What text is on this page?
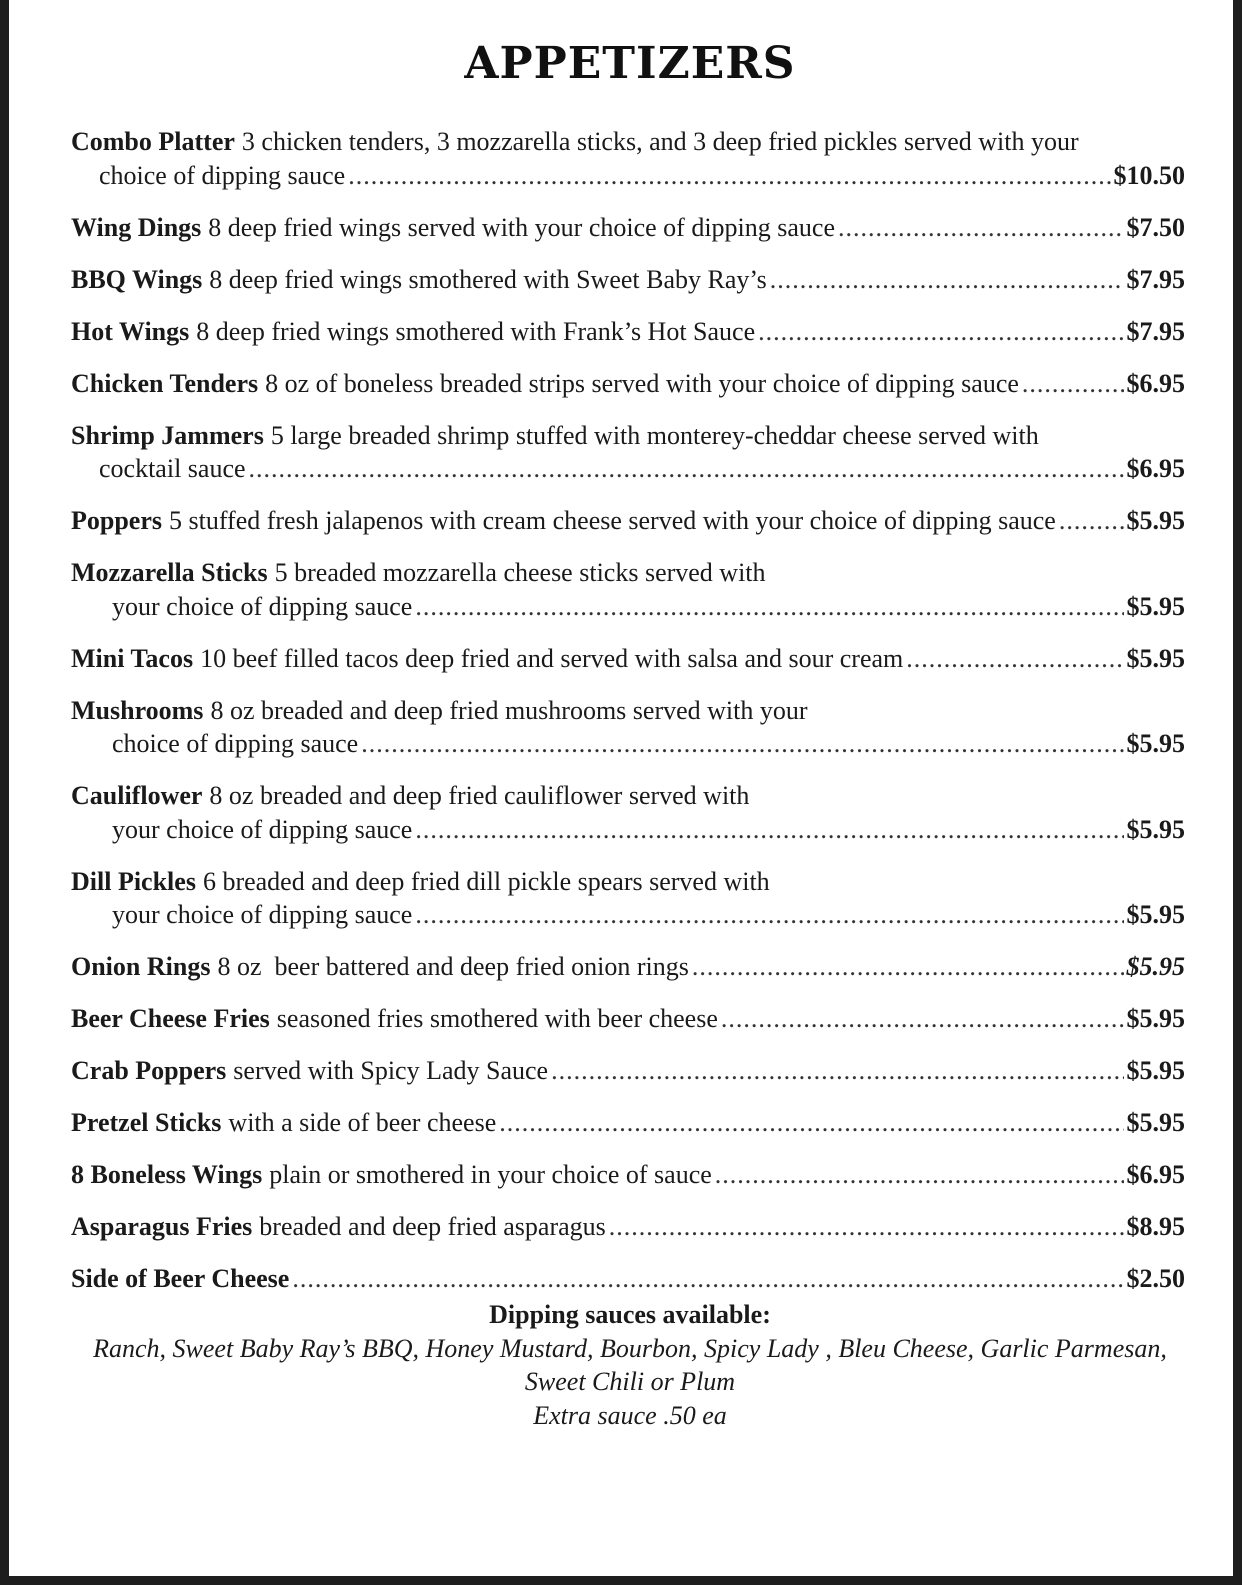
APPETIZERS
Combo Platter 3 chicken tenders, 3 mozzarella sticks, and 3 deep fried pickles served with your
choice of dipping sauce .....	$10.50
Wing Dings 8 deep fried wings served with your choice of dipping sauce .....	$7.50
BBQ Wings 8 deep fried wings smothered with Sweet Baby Ray’s .....	$7.95
Hot Wings 8 deep fried wings smothered with Frank’s Hot Sauce .....	$7.95
Chicken Tenders 8 oz of boneless breaded strips served with your choice of dipping sauce .....	$6.95
Shrimp Jammers 5 large breaded shrimp stuffed with monterey-cheddar cheese served with
cocktail sauce .....	$6.95
Poppers 5 stuffed fresh jalapenos with cream cheese served with your choice of dipping sauce .....	$5.95
Mozzarella Sticks 5 breaded mozzarella cheese sticks served with
your choice of dipping sauce .....	$5.95
Mini Tacos 10 beef filled tacos deep fried and served with salsa and sour cream .....	$5.95
Mushrooms 8 oz breaded and deep fried mushrooms served with your
choice of dipping sauce .....	$5.95
Cauliflower 8 oz breaded and deep fried cauliflower served with
your choice of dipping sauce .....	$5.95
Dill Pickles 6 breaded and deep fried dill pickle spears served with
your choice of dipping sauce .....	$5.95
Onion Rings 8 oz  beer battered and deep fried onion rings .....	$5.95
Beer Cheese Fries seasoned fries smothered with beer cheese .....	$5.95
Crab Poppers served with Spicy Lady Sauce .....	$5.95
Pretzel Sticks with a side of beer cheese .....	$5.95
8 Boneless Wings plain or smothered in your choice of sauce .....	$6.95
Asparagus Fries breaded and deep fried asparagus .....	$8.95
Side of Beer Cheese .....	$2.50
Dipping sauces available:
Ranch, Sweet Baby Ray’s BBQ, Honey Mustard, Bourbon, Spicy Lady , Bleu Cheese, Garlic Parmesan, Sweet Chili or Plum
Extra sauce .50 ea
